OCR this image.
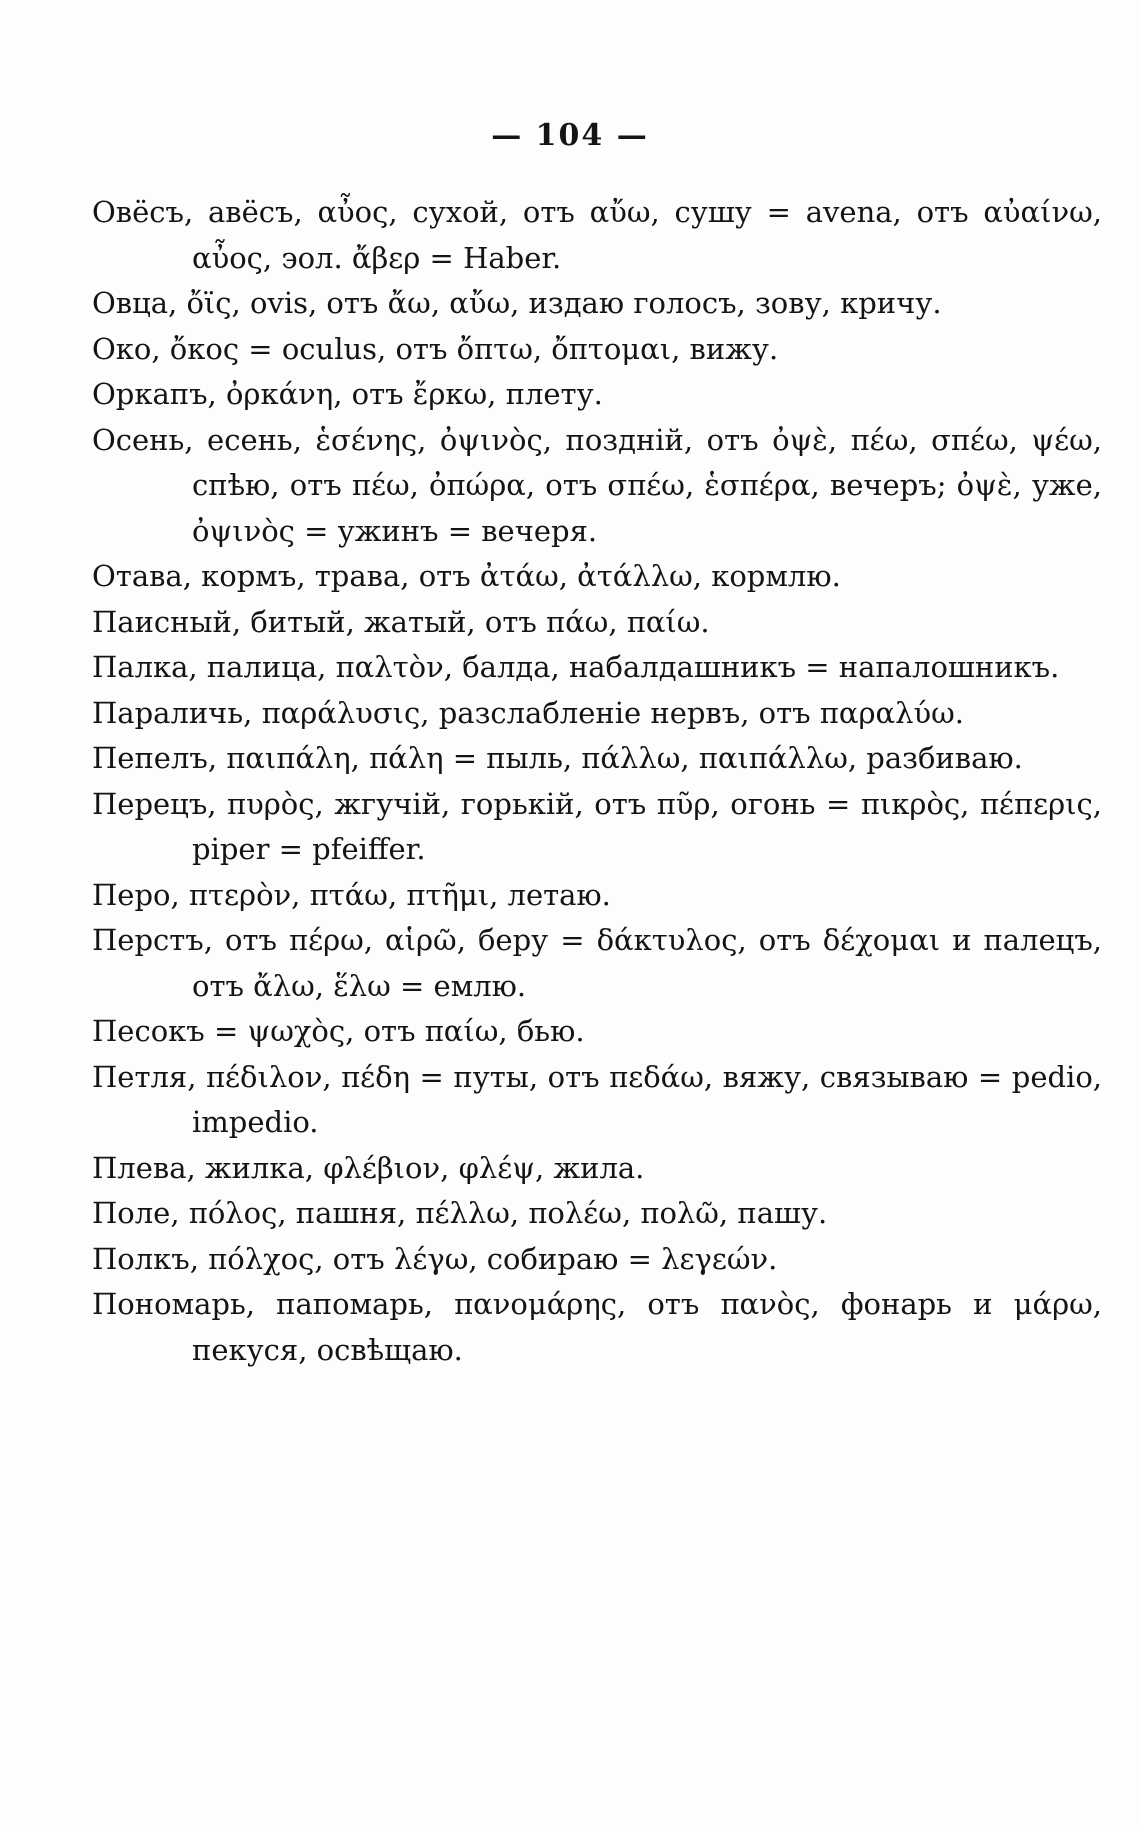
— 104 —

Овёсъ, авёсъ, αὖος, сухой, отъ αὔω, сушу = avena, отъ αὐαίνω, αὖος, эол. ἄβερ = Haber.

Овца, ὄϊς, ovis, отъ ἄω, αὔω, издаю голосъ, зову, кричу.

Око, ὄκος = oculus, отъ ὄπτω, ὄπτομαι, вижу.

Оркапъ, ὀρκάνη, отъ ἔρκω, плету.

Осень, есень, ἑσένης, ὀψινὸς, поздній, отъ ὀψὲ, πέω, σπέω, ψέω, спѣю, отъ πέω, ὀπώρα, отъ σπέω, ἑσπέρα, вечеръ; ὀψὲ, уже, ὀψινὸς = ужинъ = вечеря.

Отава, кормъ, трава, отъ ἀτάω, ἀτάλλω, кормлю.

Паисный, битый, жатый, отъ πάω, παίω.

Палка, палица, παλτὸν, балда, набалдашникъ = напалошникъ.

Параличь, παράλυσις, разслабленіе нервъ, отъ παραλύω.

Пепелъ, παιπάλη, πάλη = пыль, πάλλω, παιπάλλω, разбиваю.

Перецъ, πυρὸς, жгучій, горькій, отъ πῦρ, огонь = πικρὸς, πέπερις, piper = pfeiffer.

Перо, πτερὸν, πτάω, πτῆμι, летаю.

Перстъ, отъ πέρω, αἱρῶ, беру = δάκτυλος, отъ δέχομαι и палецъ, отъ ἄλω, ἕλω = емлю.

Песокъ = ψωχὸς, отъ παίω, бью.

Петля, πέδιλον, πέδη = путы, отъ πεδάω, вяжу, связываю = pedio, impedio.

Плева, жилка, φλέβιον, φλέψ, жила.

Поле, πόλος, пашня, πέλλω, πολέω, πολῶ, пашу.

Полкъ, πόλχος, отъ λέγω, собираю = λεγεών.

Пономарь, папомарь, πανομάρης, отъ πανὸς, фонарь и μάρω, пекуся, освѣщаю.
